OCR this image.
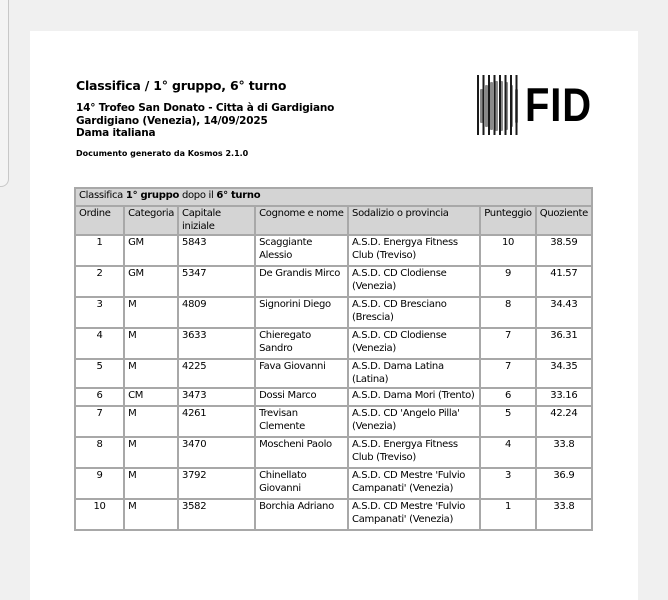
Classifica / 1° gruppo, 6° turno
14° Trofeo San Donato - Citta à di Gardigiano
Gardigiano (Venezia), 14/09/2025
Dama italiana
Documento generato da Kosmos 2.1.0
FID
Classifica 1° gruppo dopo il 6° turno						
Ordine	Categoria	Capitale iniziale	Cognome e nome	Sodalizio o provincia	Punteggio	Quoziente
1	GM	5843	Scaggiante Alessio	A.S.D. Energya Fitness Club (Treviso)	10	38.59
2	GM	5347	De Grandis Mirco	A.S.D. CD Clodiense (Venezia)	9	41.57
3	M	4809	Signorini Diego	A.S.D. CD Bresciano (Brescia)	8	34.43
4	M	3633	Chieregato Sandro	A.S.D. CD Clodiense (Venezia)	7	36.31
5	M	4225	Fava Giovanni	A.S.D. Dama Latina (Latina)	7	34.35
6	CM	3473	Dossi Marco	A.S.D. Dama Mori (Trento)	6	33.16
7	M	4261	Trevisan Clemente	A.S.D. CD 'Angelo Pilla' (Venezia)	5	42.24
8	M	3470	Moscheni Paolo	A.S.D. Energya Fitness Club (Treviso)	4	33.8
9	M	3792	Chinellato Giovanni	A.S.D. CD Mestre 'Fulvio Campanati' (Venezia)	3	36.9
10	M	3582	Borchia Adriano	A.S.D. CD Mestre 'Fulvio Campanati' (Venezia)	1	33.8
